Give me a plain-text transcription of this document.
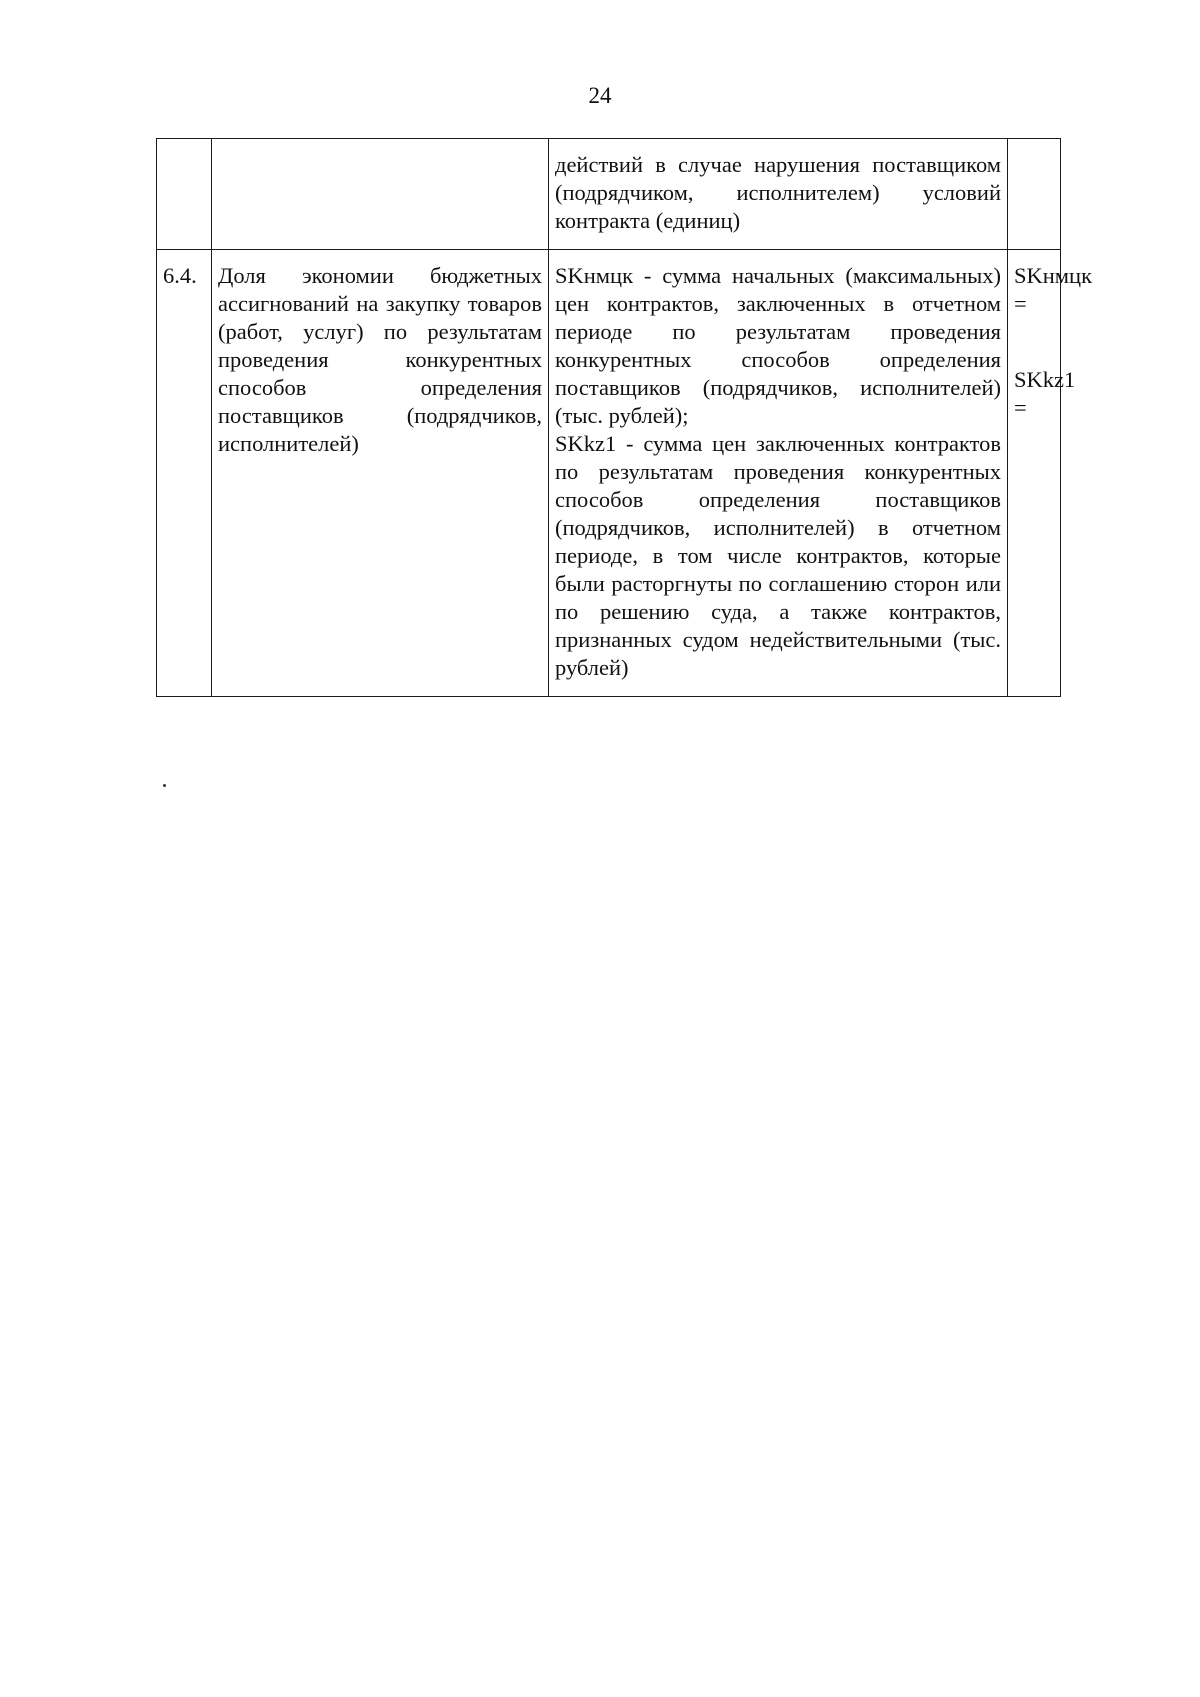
24

		действий в случае нарушения поставщиком (подрядчиком, исполнителем) условий контракта (единиц)	

6.4.	Доля экономии бюджетных ассигнований на закупку товаров (работ, услуг) по результатам проведения конкурентных способов определения поставщиков (подрядчиков, исполнителей)	SKнмцк - сумма начальных (максимальных) цен контрактов, заключенных в отчетном периоде по результатам проведения конкурентных способов определения поставщиков (подрядчиков, исполнителей) (тыс. рублей);
SKkz1 - сумма цен заключенных контрактов по результатам проведения конкурентных способов определения поставщиков (подрядчиков, исполнителей) в отчетном периоде, в том числе контрактов, которые были расторгнуты по соглашению сторон или по решению суда, а также контрактов, признанных судом недействительными (тыс. рублей)	SKнмцк =
SKkz1 =
